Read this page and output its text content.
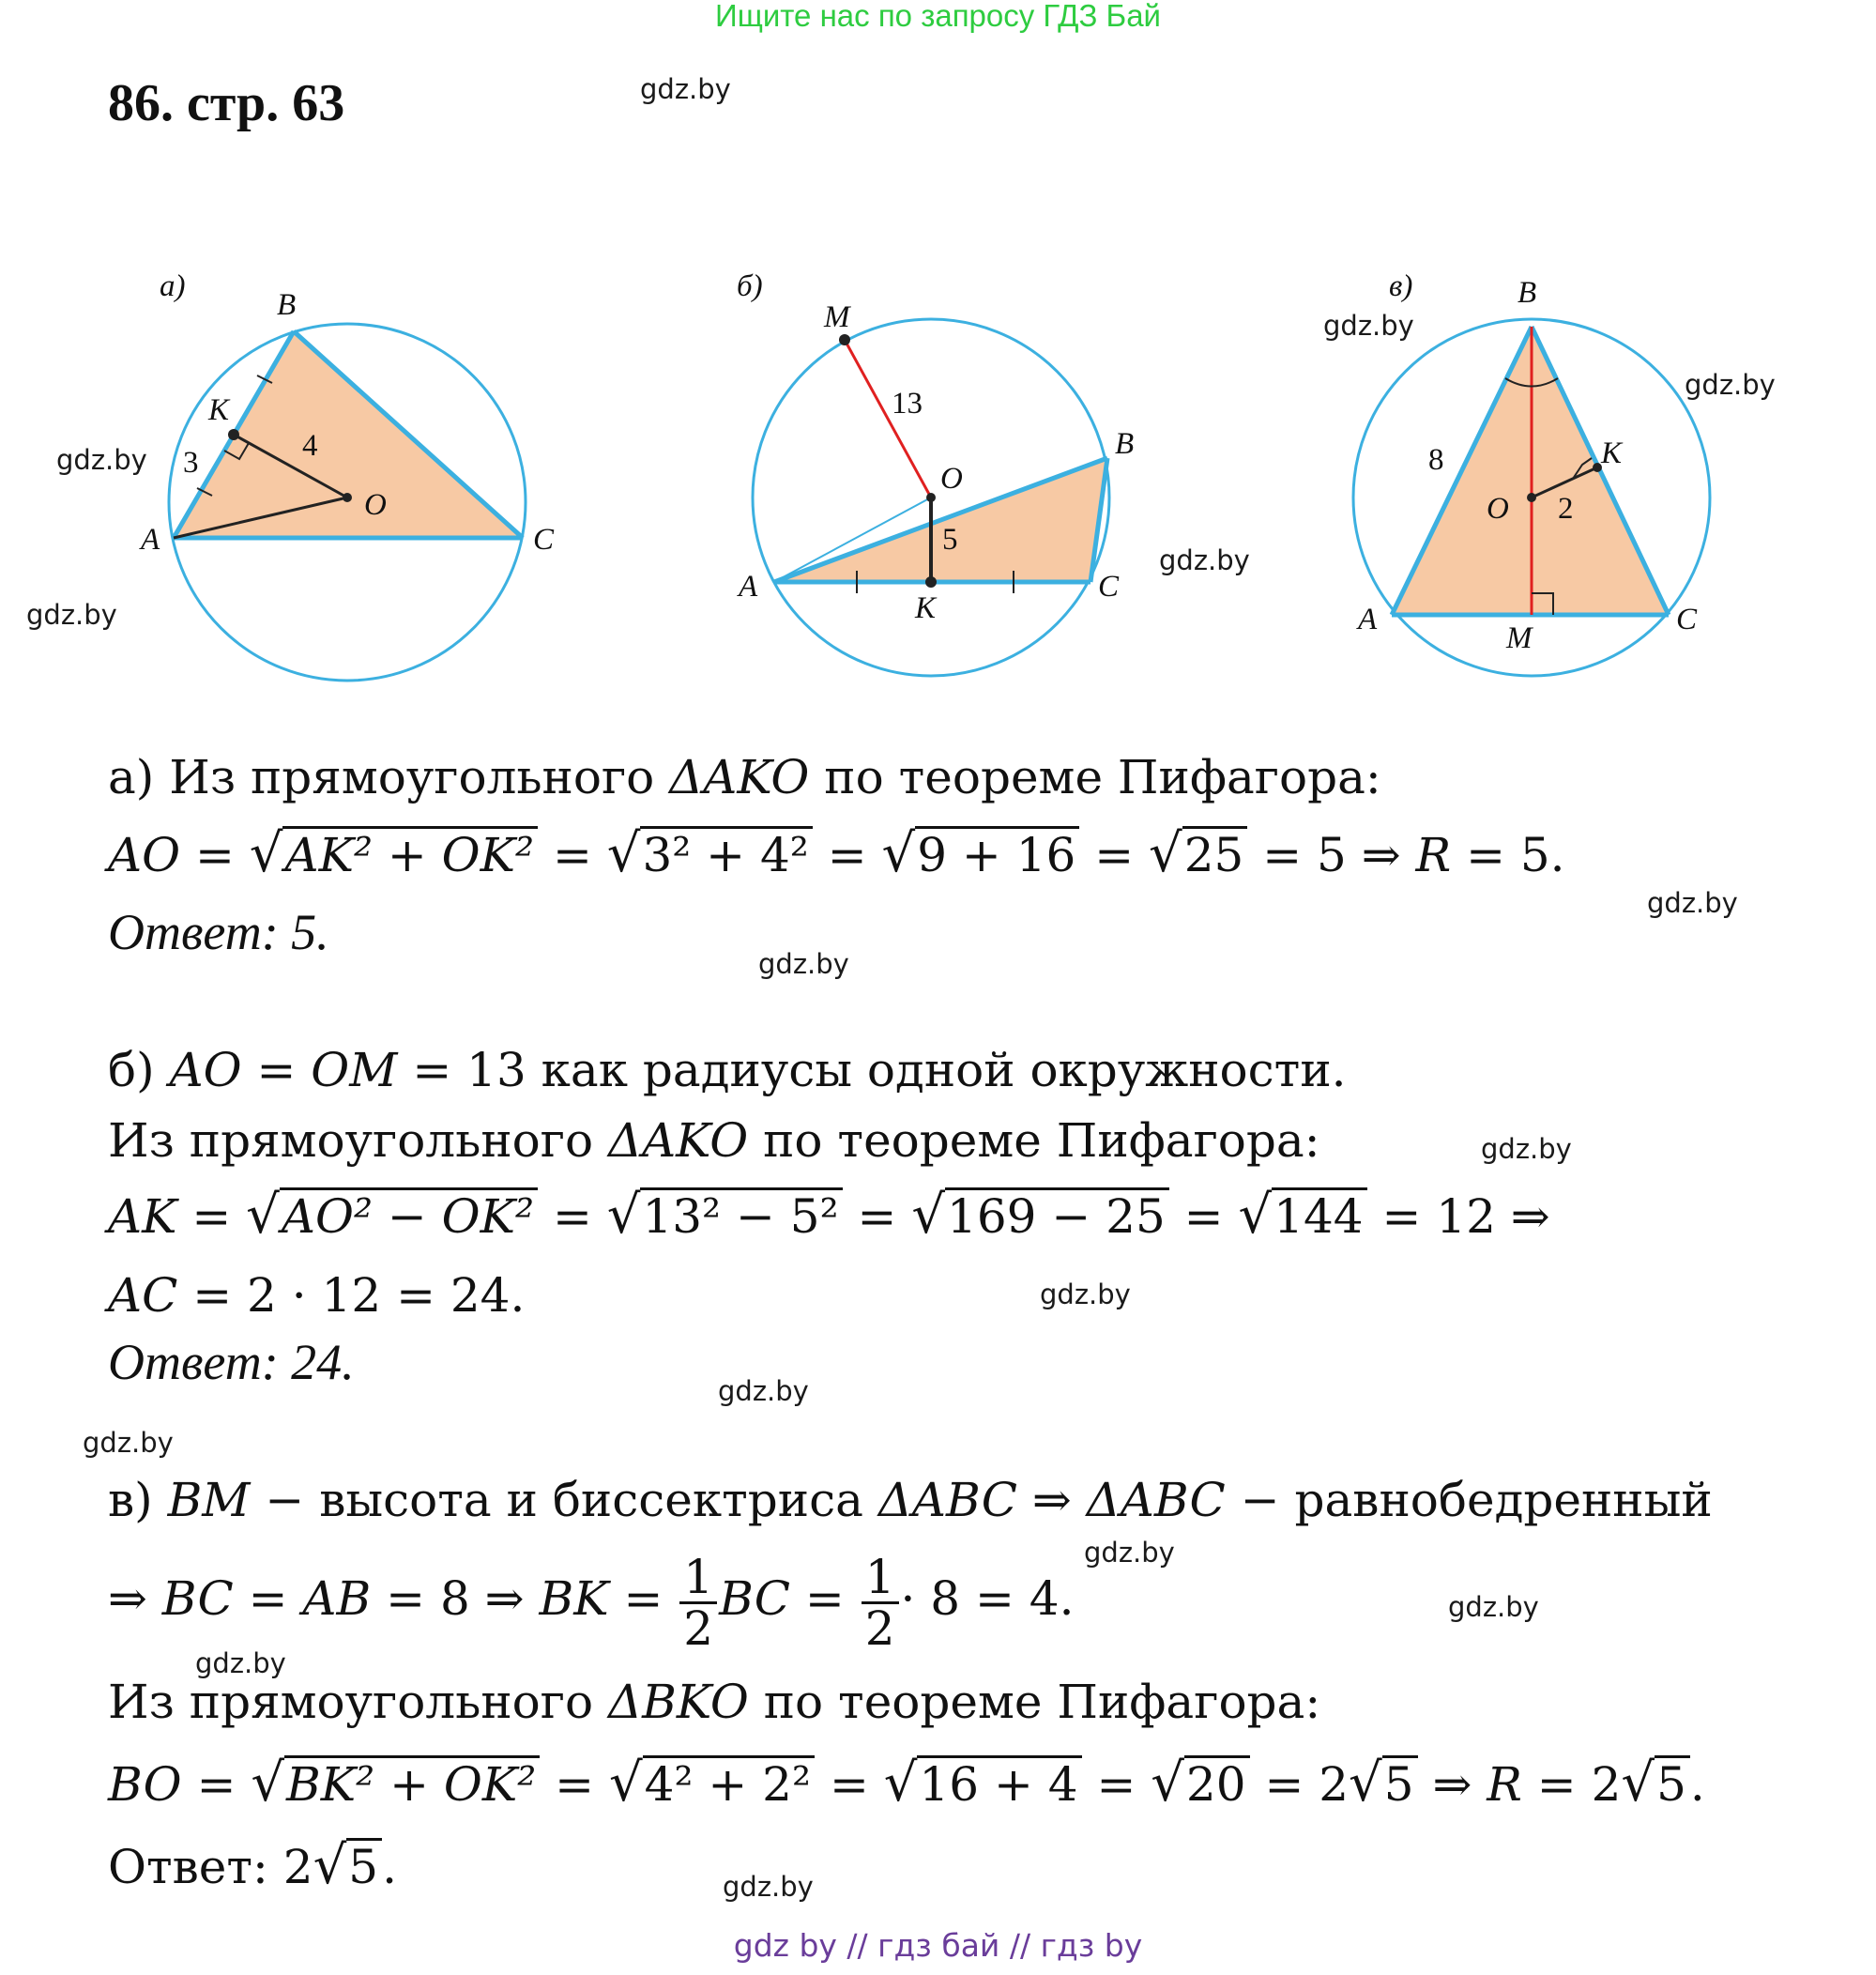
Ищите нас по запросу ГДЗ Бай
86. стр. 63
а)
B
K
A
O
C
3	4
б)
M
O
B
A
K
C
13
5
в)	B
K
O
A
M
C
8
2
gdz.by
gdz.by
gdz.by
gdz.by
gdz.by
gdz.by
gdz.by
gdz.by
gdz.by
gdz.by
gdz.by
gdz.by
gdz.by
gdz.by
gdz.by
gdz.by
а) Из прямоугольного ΔAKO по теореме Пифагора:
AO = √AK² + OK² = √3² + 4² = √9 + 16 = √25 = 5 ⇒ R = 5.
Ответ: 5.
б) AO = OM = 13 как радиусы одной окружности.
Из прямоугольного ΔAKO по теореме Пифагора:
AK = √AO² − OK² = √13² − 5² = √169 − 25 = √144 = 12 ⇒
AC = 2 · 12 = 24.
Ответ: 24.
в) BM − высота и биссектриса ΔABC ⇒ ΔABC − равнобедренный
⇒ BC = AB = 8 ⇒ BK = $\frac{1}{2}$ BC = $\frac{1}{2} \cdot 8 = 4$.
Из прямоугольного ΔBKO по теореме Пифагора:
BO = √BK² + OK² = √4² + 2² = √16 + 4 = √20 = 2√5 ⇒ R = 2√5.
Ответ: 2√5.
gdz by // гдз бай // гдз by
